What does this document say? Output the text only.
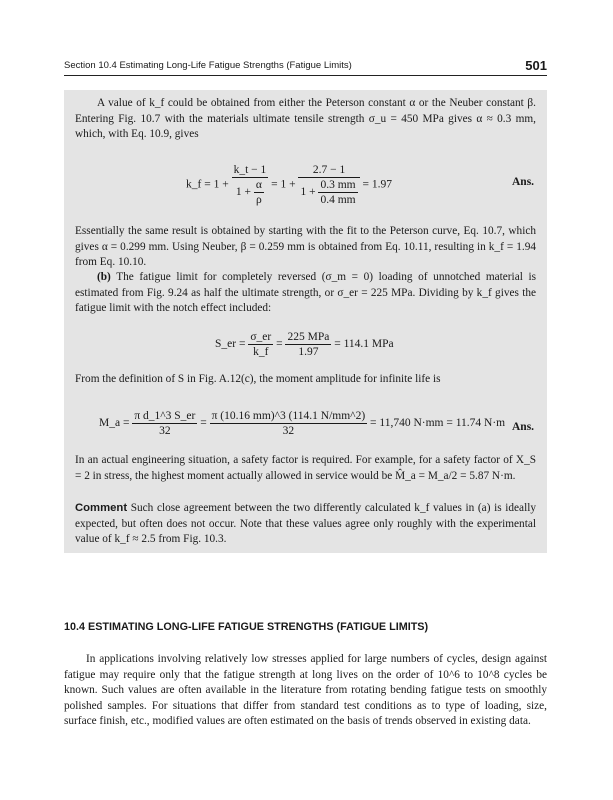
Section 10.4 Estimating Long-Life Fatigue Strengths (Fatigue Limits)	501
A value of k_f could be obtained from either the Peterson constant α or the Neuber constant β. Entering Fig. 10.7 with the materials ultimate tensile strength σ_u = 450 MPa gives α ≈ 0.3 mm, which, with Eq. 10.9, gives
k_f = $1 + \frac{k\_t - 1}{1 + \frac{\alpha}{\rho}} = 1 + \frac{2.7 - 1}{1 + \frac{0.3 mm}{0.4 mm}} = 1.97$	Ans.
Essentially the same result is obtained by starting with the fit to the Peterson curve, Eq. 10.7, which gives α = 0.299 mm. Using Neuber, β = 0.259 mm is obtained from Eq. 10.11, resulting in k_f = 1.94 from Eq. 10.10.
(b) The fatigue limit for completely reversed (σ_m = 0) loading of unnotched material is estimated from Fig. 9.24 as half the ultimate strength, or σ_er = 225 MPa. Dividing by k_f gives the fatigue limit with the notch effect included:
S_er = $\frac{\sigma\_er}{k\_f} = \frac{\text{225 MPa}}{1.97} = 114.1$ MPa
From the definition of S in Fig. A.12(c), the moment amplitude for infinite life is
M_a = $\frac{\text{π d\_1\textasciicircum{}3 S\_er}}{32} = \frac{\pi (10.16 mm)\^{}3 (114.1 N/mm\^{}2)}{32} = 11,740$ N·mm = 11.74 N·m Ans.
In an actual engineering situation, a safety factor is required. For example, for a safety factor of X_S = 2 in stress, the highest moment actually allowed in service would be M̂_a = M_a/2 = 5.87 N·m.
Comment Such close agreement between the two differently calculated k_f values in (a) is ideally expected, but often does not occur. Note that these values agree only roughly with the experimental value of k_f ≈ 2.5 from Fig. 10.3.
10.4 ESTIMATING LONG-LIFE FATIGUE STRENGTHS (FATIGUE LIMITS)
In applications involving relatively low stresses applied for large numbers of cycles, design against fatigue may require only that the fatigue strength at long lives on the order of 10^6 to 10^8 cycles be known. Such values are often available in the literature from rotating bending fatigue tests on smoothly polished samples. For situations that differ from standard test conditions as to type of loading, size, surface finish, etc., modified values are often estimated on the basis of trends observed in existing data.
